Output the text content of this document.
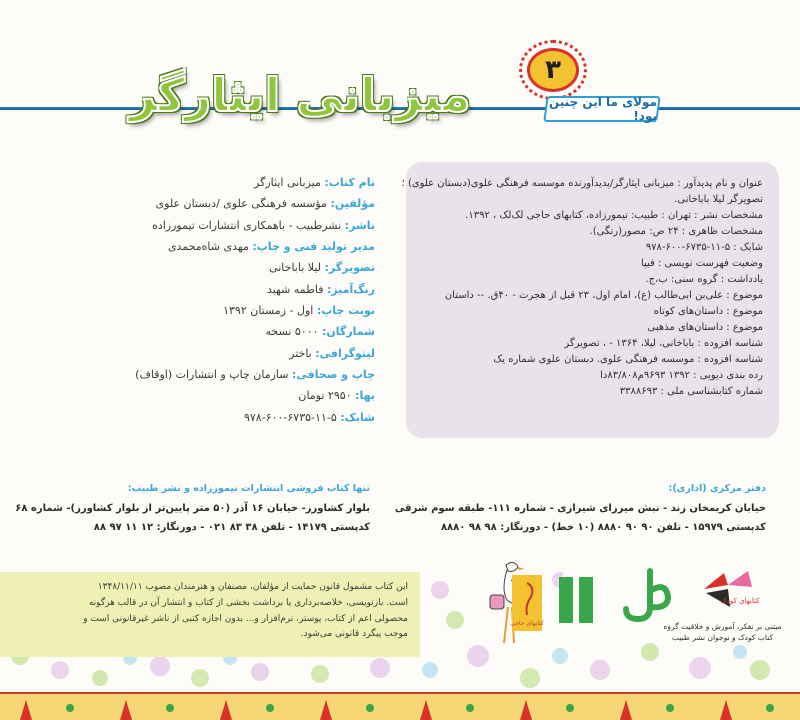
۳
مولای ما این چنین بود!
میزبانی ایثارگر
نام کتاب: میزبانی ایثارگر
مؤلفین: مؤسسه فرهنگی علوی /دبستان علوی
ناشر: نشرطبیب - باهمکاری انتشارات تیمورزاده
مدیر تولید فنی و چاپ: مهدی شاه‌محمدی
تصویرگر: لیلا باباخانی
رنگ‌آمیز: فاطمه شهید
نوبت چاپ: اول - زمستان ۱۳۹۲
شمارگان: ۵۰۰۰ نسخه
لیتوگرافی: باختر
چاپ و صحافی: سازمان چاپ و انتشارات (اوقاف)
بها: ۲۹۵۰ تومان
شابک: ۵-۱۱-۶۷۳۵-۶۰۰-۹۷۸
عنوان و نام پدیدآور : میزبانی ایثارگر/پدیدآورنده موسسه فرهنگی علوی(دبستان علوی) ؛
تصویرگر لیلا باباخانی.
مشخصات نشر : تهران : طبیب: تیمورزاده، کتابهای حاجی لک‌لک ، ۱۳۹۲.
مشخصات ظاهری : ۲۴ ص: مصور(رنگی).
شابک : ۵-۱۱-۶۷۳۵-۶۰۰-۹۷۸
وضعیت فهرست نویسی : فیپا
یادداشت : گروه سنی: ب،ج.
موضوع : علی‌بن ابی‌طالب (ع)، امام اول، ۲۳ قبل از هجرت - ۴۰ق. -- داستان
موضوع : داستان‌های کوتاه
موضوع : داستان‌های مذهبی
شناسه افزوده : باباخانی، لیلا، ۱۳۶۴ - ، تصویرگر
شناسه افزوده : موسسه فرهنگی علوی. دبستان علوی شماره یک
رده بندی دیویی : ۱۳۹۲ ۹۶۹۳م۸۳/۸۰۸دا
شماره کتابشناسی ملی : ۳۳۸۸۶۹۳
تنها کتاب فروشی انتشارات تیمورزاده و نشر طبیب:
بلوار کشاورز- خیابان ۱۶ آذر (۵۰ متر پایین‌تر از بلوار کشاورز)- شماره ۶۸
کدپستی ۱۴۱۷۹ - تلفن ۳۸ ۸۳ ۰۲۱ - دورنگار: ۱۲ ۱۱ ۹۷ ۸۸
دفتر مرکزی (اداری):
خیابان کریمخان زند - نبش میرزای شیرازی - شماره ۱۱۱- طبقه سوم شرقی
کدپستی ۱۵۹۷۹ - تلفن ۹۰ ۹۰ ۸۸۸۰ (۱۰ خط) - دورنگار: ۹۸ ۹۸ ۸۸۸۰
این کتاب مشمول قانون حمایت از مؤلفان، مصنفان و هنرمندان مصوب ۱۳۴۸/۱۱/۱۱
است. بازنویسی، خلاصه‌برداری یا برداشت بخشی از کتاب و انتشار آن در قالب هرگونه
محصولی اعم از کتاب، پوستر، نرم‌افزار و... بدون اجازه کتبی از ناشر غیرقانونی است و
موجب پیگرد قانونی می‌شود.
کتابهای کودک
کتابهای حاجی	مبتنی بر تفکر، آموزش و خلاقیت گروه کتاب کودک و نوجوان نشر طبیب
